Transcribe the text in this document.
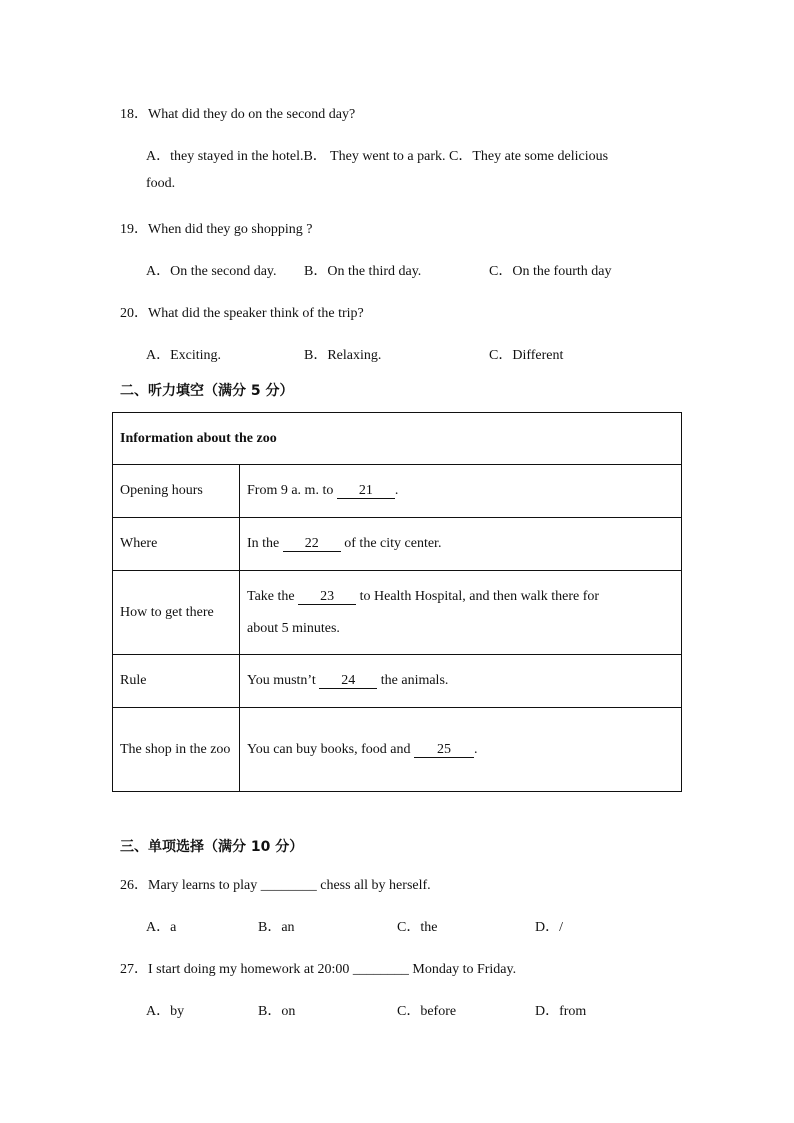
18．What did they do on the second day?
A．they stayed in the hotel.B． They went to a park. C．They ate some delicious
food.
19．When did they go shopping ?
A．On the second day. B．On the third day.	C．On the fourth day
20．What did the speaker think of the trip?
A．Exciting.	B．Relaxing.	C．Different
二、听力填空（满分 5 分）
Information about the zoo	
Opening hours	From 9 a. m. to 21 .
Where	In the 22 of the city center.
How to get there	Take the 23 to Health Hospital, and then walk there for
about 5 minutes.
Rule	You mustn’t 24 the animals.
The shop in the zoo	You can buy books, food and 25 .
三、单项选择（满分 10 分）
26．Mary learns to play ________ chess all by herself.
A．a	B．an	C．the	D．/
27．I start doing my homework at 20:00 ________ Monday to Friday.
A．by	B．on	C．before	D．from
